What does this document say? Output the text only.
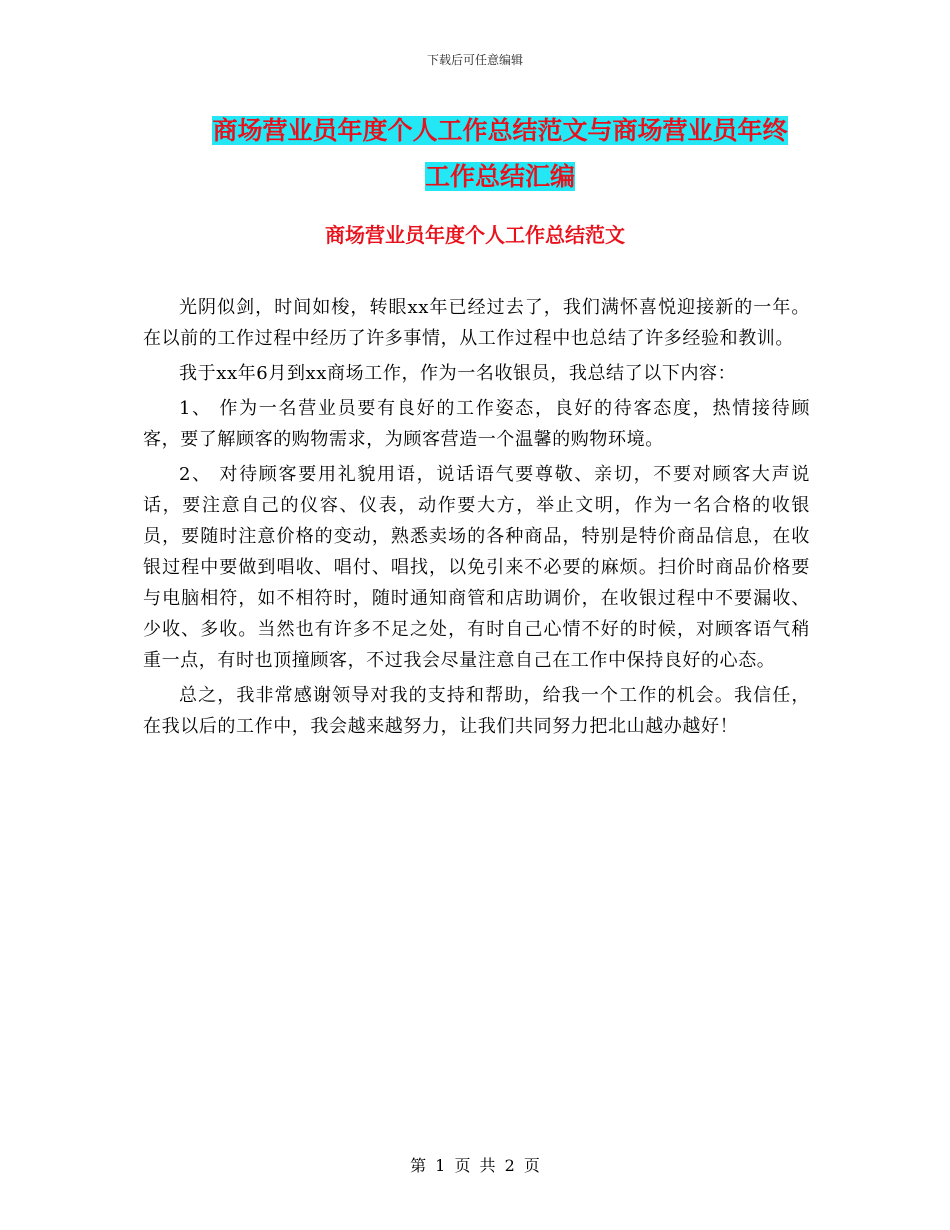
下载后可任意编辑
商场营业员年度个人工作总结范文与商场营业员年终
工作总结汇编
商场营业员年度个人工作总结范文

光阴似剑，时间如梭，转眼xx年已经过去了，我们满怀喜悦迎接新的一年。在以前的工作过程中经历了许多事情，从工作过程中也总结了许多经验和教训。

我于xx年6月到xx商场工作，作为一名收银员，我总结了以下内容：

1、 作为一名营业员要有良好的工作姿态，良好的待客态度，热情接待顾客，要了解顾客的购物需求，为顾客营造一个温馨的购物环境。

2、 对待顾客要用礼貌用语，说话语气要尊敬、亲切，不要对顾客大声说话，要注意自己的仪容、仪表，动作要大方，举止文明，作为一名合格的收银员，要随时注意价格的变动，熟悉卖场的各种商品，特别是特价商品信息，在收银过程中要做到唱收、唱付、唱找，以免引来不必要的麻烦。扫价时商品价格要与电脑相符，如不相符时，随时通知商管和店助调价，在收银过程中不要漏收、少收、多收。当然也有许多不足之处，有时自己心情不好的时候，对顾客语气稍重一点，有时也顶撞顾客，不过我会尽量注意自己在工作中保持良好的心态。

总之，我非常感谢领导对我的支持和帮助，给我一个工作的机会。我信任，在我以后的工作中，我会越来越努力，让我们共同努力把北山越办越好！

第 1 页 共 2 页
